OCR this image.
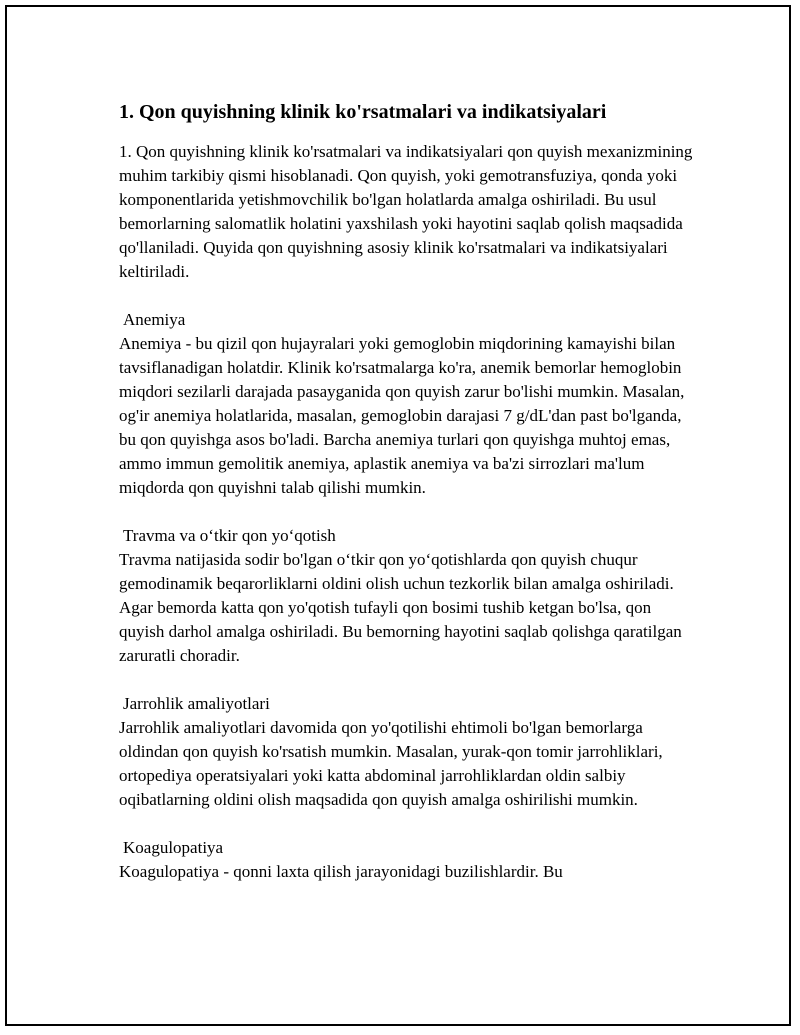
1. Qon quyishning klinik ko'rsatmalari va indikatsiyalari

1. Qon quyishning klinik ko'rsatmalari va indikatsiyalari qon quyish mexanizmining muhim tarkibiy qismi hisoblanadi. Qon quyish, yoki gemotransfuziya, qonda yoki komponentlarida yetishmovchilik bo'lgan holatlarda amalga oshiriladi. Bu usul bemorlarning salomatlik holatini yaxshilash yoki hayotini saqlab qolish maqsadida qo'llaniladi. Quyida qon quyishning asosiy klinik ko'rsatmalari va indikatsiyalari keltiriladi.

Anemiya

Anemiya - bu qizil qon hujayralari yoki gemoglobin miqdorining kamayishi bilan tavsiflanadigan holatdir. Klinik ko'rsatmalarga ko'ra, anemik bemorlar hemoglobin miqdori sezilarli darajada pasayganida qon quyish zarur bo'lishi mumkin. Masalan, og'ir anemiya holatlarida, masalan, gemoglobin darajasi 7 g/dL'dan past bo'lganda, bu qon quyishga asos bo'ladi. Barcha anemiya turlari qon quyishga muhtoj emas, ammo immun gemolitik anemiya, aplastik anemiya va ba'zi sirrozlari ma'lum miqdorda qon quyishni talab qilishi mumkin.

Travma va oʻtkir qon yoʻqotish

Travma natijasida sodir bo'lgan oʻtkir qon yoʻqotishlarda qon quyish chuqur gemodinamik beqarorliklarni oldini olish uchun tezkorlik bilan amalga oshiriladi. Agar bemorda katta qon yo'qotish tufayli qon bosimi tushib ketgan bo'lsa, qon quyish darhol amalga oshiriladi. Bu bemorning hayotini saqlab qolishga qaratilgan zaruratli choradir.

Jarrohlik amaliyotlari

Jarrohlik amaliyotlari davomida qon yo'qotilishi ehtimoli bo'lgan bemorlarga oldindan qon quyish ko'rsatish mumkin. Masalan, yurak-qon tomir jarrohliklari, ortopediya operatsiyalari yoki katta abdominal jarrohliklardan oldin salbiy oqibatlarning oldini olish maqsadida qon quyish amalga oshirilishi mumkin.

Koagulopatiya

Koagulopatiya - qonni laxta qilish jarayonidagi buzilishlardir. Bu
